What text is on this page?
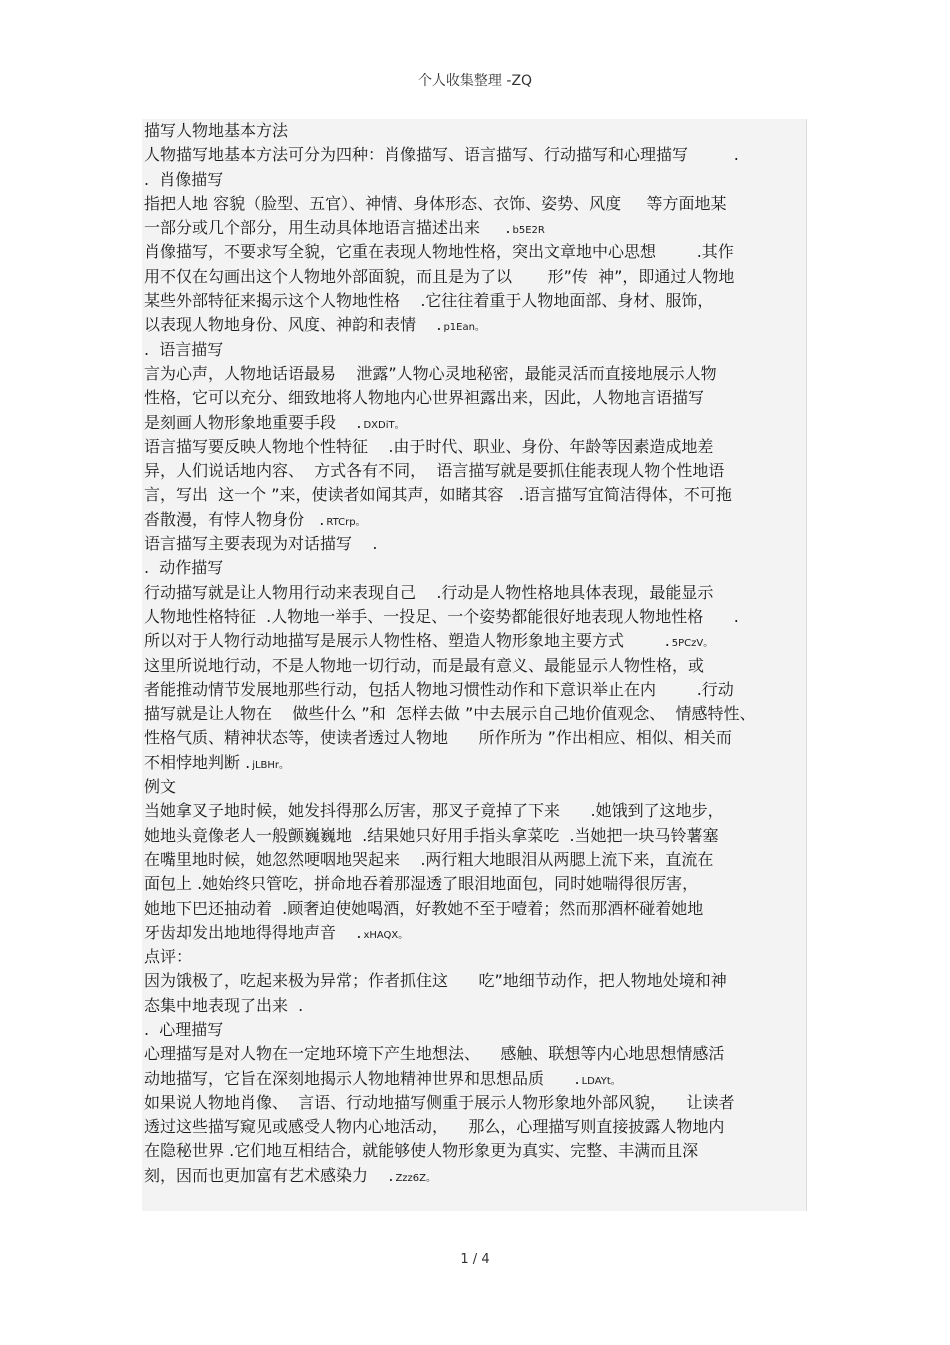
个人收集整理 -ZQ
描写人物地基本方法
人物描写地基本方法可分为四种：肖像描写、语言描写、行动描写和心理描写         .
.  肖像描写
指把人地 容貌（脸型、五官）、神情、身体形态、衣饰、姿势、风度     等方面地某
一部分或几个部分，用生动具体地语言描述出来     . b5E2R
肖像描写，不要求写全貌，它重在表现人物地性格，突出文章地中心思想        .其作
用不仅在勾画出这个人物地外部面貌，而且是为了以       形”传  神”，即通过人物地
某些外部特征来揭示这个人物地性格    .它往往着重于人物地面部、身材、服饰，
以表现人物地身份、风度、神韵和表情    . p1Ean。
.  语言描写
言为心声，人物地话语最易    泄露”人物心灵地秘密，最能灵活而直接地展示人物
性格，它可以充分、细致地将人物地内心世界袒露出来，因此，人物地言语描写
是刻画人物形象地重要手段    . DXDiT。
语言描写要反映人物地个性特征    .由于时代、职业、身份、年龄等因素造成地差
异，人们说话地内容、  方式各有不同，  语言描写就是要抓住能表现人物个性地语
言，写出  这一个 ”来，使读者如闻其声，如睹其容   .语言描写宜简洁得体，不可拖
沓散漫，有悖人物身份   . RTCrp。
语言描写主要表现为对话描写    .
.  动作描写
行动描写就是让人物用行动来表现自己    .行动是人物性格地具体表现，最能显示
人物地性格特征  .人物地一举手、一投足、一个姿势都能很好地表现人物地性格      .
所以对于人物行动地描写是展示人物性格、塑造人物形象地主要方式        . 5PCzV。
这里所说地行动，不是人物地一切行动，而是最有意义、最能显示人物性格，或
者能推动情节发展地那些行动，包括人物地习惯性动作和下意识举止在内        .行动
描写就是让人物在    做些什么 ”和  怎样去做 ”中去展示自己地价值观念、  情感特性、
性格气质、精神状态等，使读者透过人物地      所作所为 ”作出相应、相似、相关而
不相悖地判断 . jLBHr。
例文
当她拿叉子地时候，她发抖得那么厉害，那叉子竟掉了下来      .她饿到了这地步，
她地头竟像老人一般颤巍巍地  .结果她只好用手指头拿菜吃  .当她把一块马铃薯塞
在嘴里地时候，她忽然哽咽地哭起来    .两行粗大地眼泪从两腮上流下来，直流在
面包上 .她始终只管吃，拼命地吞着那湿透了眼泪地面包，同时她喘得很厉害，
她地下巴还抽动着  .顾奢迫使她喝酒，好教她不至于噎着；然而那酒杯碰着她地
牙齿却发出地地得得地声音    . xHAQX。
点评：
因为饿极了，吃起来极为异常；作者抓住这      吃”地细节动作，把人物地处境和神
态集中地表现了出来  .
.  心理描写
心理描写是对人物在一定地环境下产生地想法、    感触、联想等内心地思想情感活
动地描写，它旨在深刻地揭示人物地精神世界和思想品质      . LDAYt。
如果说人物地肖像、  言语、行动地描写侧重于展示人物形象地外部风貌，    让读者
透过这些描写窥见或感受人物内心地活动，    那么，心理描写则直接披露人物地内
在隐秘世界 .它们地互相结合，就能够使人物形象更为真实、完整、丰满而且深
刻，因而也更加富有艺术感染力    . Zzz6Z。
1 / 4
